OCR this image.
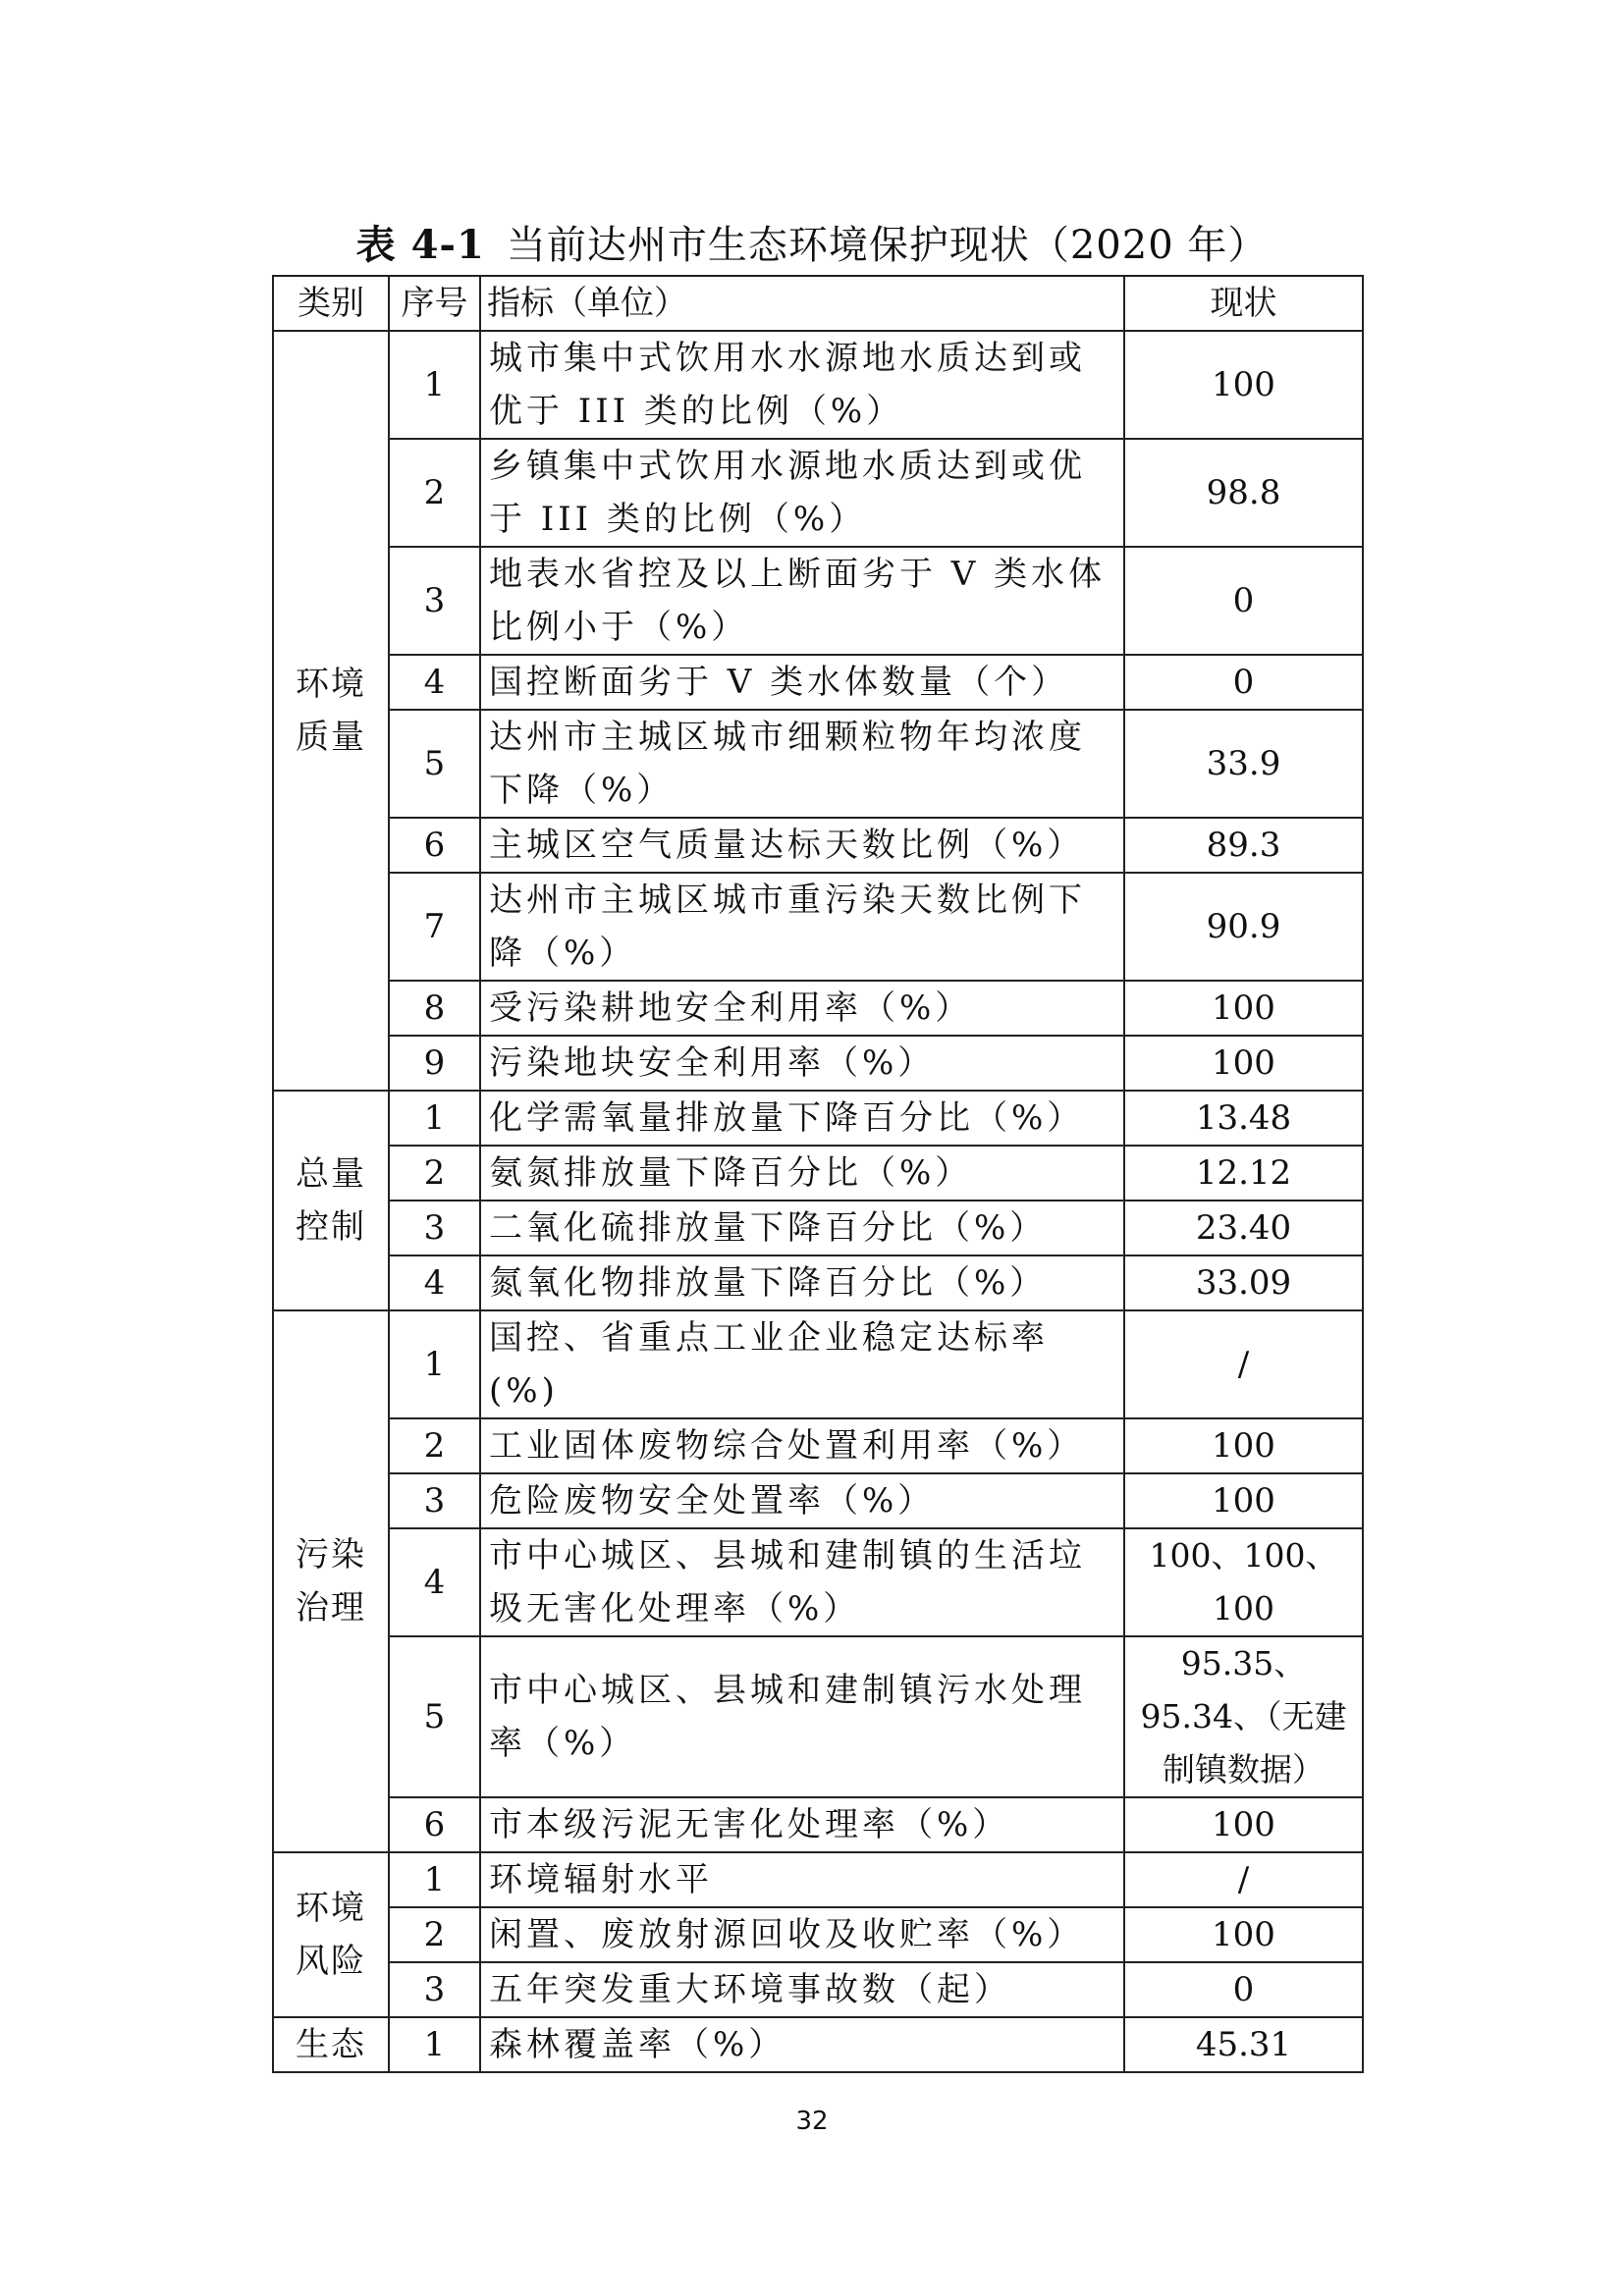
表 4-1 当前达州市生态环境保护现状（2020 年）
类别	序号	指标（单位）	现状
环境质量	1	城市集中式饮用水水源地水质达到或优于 III 类的比例（%）	100
	2	乡镇集中式饮用水源地水质达到或优于 III 类的比例（%）	98.8
	3	地表水省控及以上断面劣于 V 类水体比例小于（%）	0
	4	国控断面劣于 V 类水体数量（个）	0
	5	达州市主城区城市细颗粒物年均浓度下降（%）	33.9
	6	主城区空气质量达标天数比例（%）	89.3
	7	达州市主城区城市重污染天数比例下降（%）	90.9
	8	受污染耕地安全利用率（%）	100
	9	污染地块安全利用率（%）	100
总量控制	1	化学需氧量排放量下降百分比（%）	13.48
	2	氨氮排放量下降百分比（%）	12.12
	3	二氧化硫排放量下降百分比（%）	23.40
	4	氮氧化物排放量下降百分比（%）	33.09
污染治理	1	国控、省重点工业企业稳定达标率(%)	/
	2	工业固体废物综合处置利用率（%）	100
	3	危险废物安全处置率（%）	100
	4	市中心城区、县城和建制镇的生活垃圾无害化处理率（%）	100、100、100
	5	市中心城区、县城和建制镇污水处理率（%）	95.35、95.34、（无建制镇数据）
	6	市本级污泥无害化处理率（%）	100
环境风险	1	环境辐射水平	/
	2	闲置、废放射源回收及收贮率（%）	100
	3	五年突发重大环境事故数（起）	0
生态	1	森林覆盖率（%）	45.31
32
